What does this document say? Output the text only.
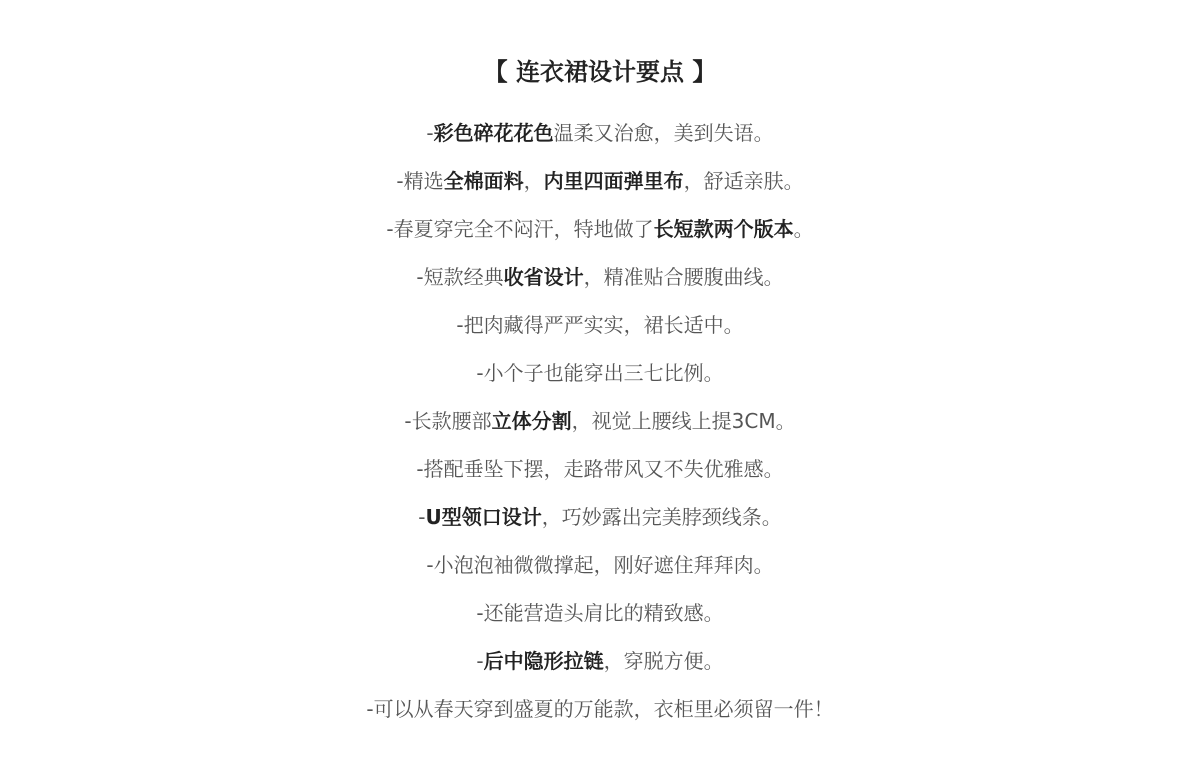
【 连衣裙设计要点 】
-彩色碎花花色温柔又治愈，美到失语。
-精选全棉面料，内里四面弹里布，舒适亲肤。
-春夏穿完全不闷汗，特地做了长短款两个版本。
-短款经典收省设计，精准贴合腰腹曲线。
-把肉藏得严严实实，裙长适中。
-小个子也能穿出三七比例。
-长款腰部立体分割，视觉上腰线上提3CM。
-搭配垂坠下摆，走路带风又不失优雅感。
-U型领口设计，巧妙露出完美脖颈线条。
-小泡泡袖微微撑起，刚好遮住拜拜肉。
-还能营造头肩比的精致感。
-后中隐形拉链，穿脱方便。
-可以从春天穿到盛夏的万能款，衣柜里必须留一件！
